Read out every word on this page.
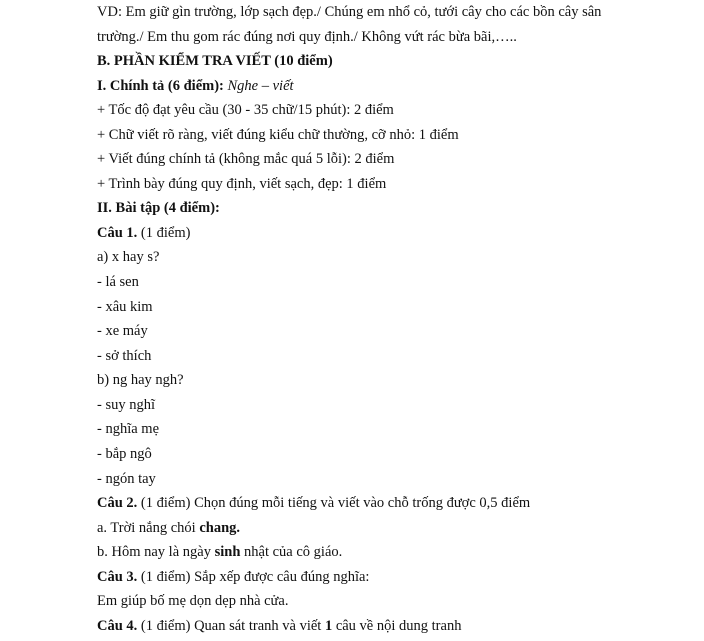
VD: Em giữ gìn trường, lớp sạch đẹp./ Chúng em nhổ cỏ, tưới cây cho các bồn cây sân
trường./ Em thu gom rác đúng nơi quy định./ Không vứt rác bừa bãi,…..
B. PHẦN KIỂM TRA VIẾT (10 điểm)
I. Chính tả (6 điểm): Nghe – viết
+ Tốc độ đạt yêu cầu (30 - 35 chữ/15 phút): 2 điểm
+ Chữ viết rõ ràng, viết đúng kiểu chữ thường, cỡ nhỏ: 1 điểm
+ Viết đúng chính tả (không mắc quá 5 lỗi): 2 điểm
+ Trình bày đúng quy định, viết sạch, đẹp: 1 điểm
II. Bài tập (4 điểm):
Câu 1. (1 điểm)
a) x hay s?
- lá sen
- xâu kim
- xe máy
- sở thích
b) ng hay ngh?
- suy nghĩ
- nghĩa mẹ
- bắp ngô
- ngón tay
Câu 2. (1 điểm) Chọn đúng mỗi tiếng và viết vào chỗ trống được 0,5 điểm
a. Trời nắng chói chang.
b. Hôm nay là ngày sinh nhật của cô giáo.
Câu 3. (1 điểm) Sắp xếp được câu đúng nghĩa:
Em giúp bố mẹ dọn dẹp nhà cửa.
Câu 4. (1 điểm) Quan sát tranh và viết 1 câu về nội dung tranh
